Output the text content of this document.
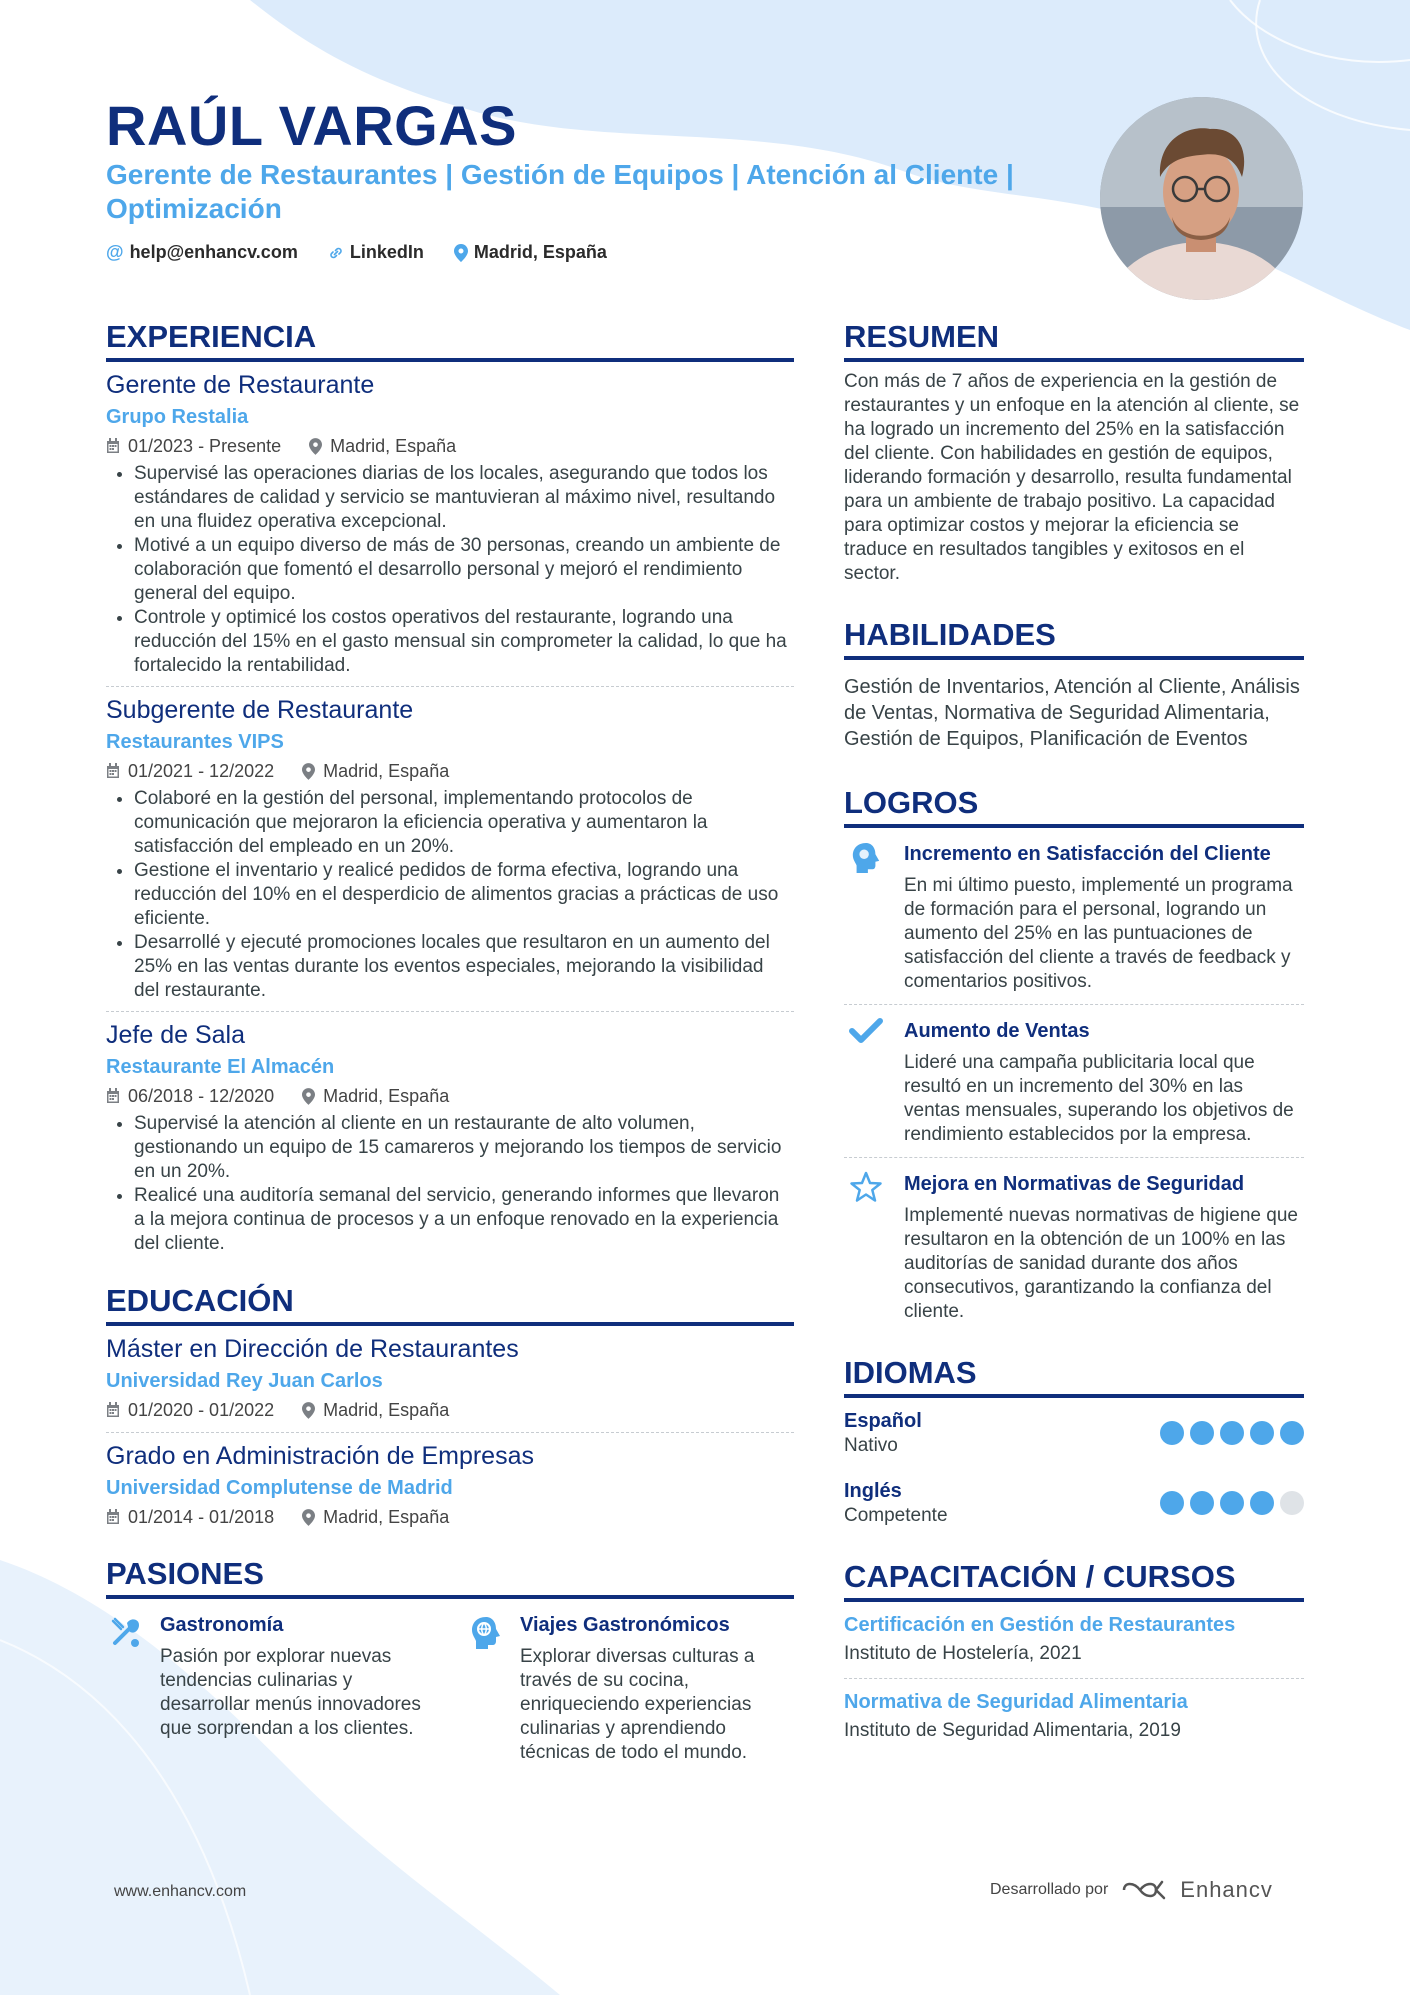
RAÚL VARGAS
Gerente de Restaurantes | Gestión de Equipos | Atención al Cliente | Optimización
@ help@enhancv.com	LinkedIn	Madrid, España
EXPERIENCIA
Gerente de Restaurante
Grupo Restalia
01/2023 - Presente	Madrid, España
• Supervisé las operaciones diarias de los locales, asegurando que todos los estándares de calidad y servicio se mantuvieran al máximo nivel, resultando en una fluidez operativa excepcional.
• Motivé a un equipo diverso de más de 30 personas, creando un ambiente de colaboración que fomentó el desarrollo personal y mejoró el rendimiento general del equipo.
• Controle y optimicé los costos operativos del restaurante, logrando una reducción del 15% en el gasto mensual sin comprometer la calidad, lo que ha fortalecido la rentabilidad.
Subgerente de Restaurante
Restaurantes VIPS
01/2021 - 12/2022	Madrid, España
• Colaboré en la gestión del personal, implementando protocolos de comunicación que mejoraron la eficiencia operativa y aumentaron la satisfacción del empleado en un 20%.
• Gestione el inventario y realicé pedidos de forma efectiva, logrando una reducción del 10% en el desperdicio de alimentos gracias a prácticas de uso eficiente.
• Desarrollé y ejecuté promociones locales que resultaron en un aumento del 25% en las ventas durante los eventos especiales, mejorando la visibilidad del restaurante.
Jefe de Sala
Restaurante El Almacén
06/2018 - 12/2020	Madrid, España
• Supervisé la atención al cliente en un restaurante de alto volumen, gestionando un equipo de 15 camareros y mejorando los tiempos de servicio en un 20%.
• Realicé una auditoría semanal del servicio, generando informes que llevaron a la mejora continua de procesos y a un enfoque renovado en la experiencia del cliente.
EDUCACIÓN
Máster en Dirección de Restaurantes
Universidad Rey Juan Carlos
01/2020 - 01/2022	Madrid, España
Grado en Administración de Empresas
Universidad Complutense de Madrid
01/2014 - 01/2018	Madrid, España
PASIONES
Gastronomía
Pasión por explorar nuevas tendencias culinarias y desarrollar menús innovadores que sorprendan a los clientes.
Viajes Gastronómicos
Explorar diversas culturas a través de su cocina, enriqueciendo experiencias culinarias y aprendiendo técnicas de todo el mundo.
RESUMEN
Con más de 7 años de experiencia en la gestión de restaurantes y un enfoque en la atención al cliente, se ha logrado un incremento del 25% en la satisfacción del cliente. Con habilidades en gestión de equipos, liderando formación y desarrollo, resulta fundamental para un ambiente de trabajo positivo. La capacidad para optimizar costos y mejorar la eficiencia se traduce en resultados tangibles y exitosos en el sector.
HABILIDADES
Gestión de Inventarios, Atención al Cliente, Análisis de Ventas, Normativa de Seguridad Alimentaria, Gestión de Equipos, Planificación de Eventos
LOGROS
Incremento en Satisfacción del Cliente
En mi último puesto, implementé un programa de formación para el personal, logrando un aumento del 25% en las puntuaciones de satisfacción del cliente a través de feedback y comentarios positivos.
Aumento de Ventas
Lideré una campaña publicitaria local que resultó en un incremento del 30% en las ventas mensuales, superando los objetivos de rendimiento establecidos por la empresa.
Mejora en Normativas de Seguridad
Implementé nuevas normativas de higiene que resultaron en la obtención de un 100% en las auditorías de sanidad durante dos años consecutivos, garantizando la confianza del cliente.
IDIOMAS
Español
Nativo
Inglés
Competente
CAPACITACIÓN / CURSOS
Certificación en Gestión de Restaurantes
Instituto de Hostelería, 2021
Normativa de Seguridad Alimentaria
Instituto de Seguridad Alimentaria, 2019
www.enhancv.com	Desarrollado por	Enhancv
